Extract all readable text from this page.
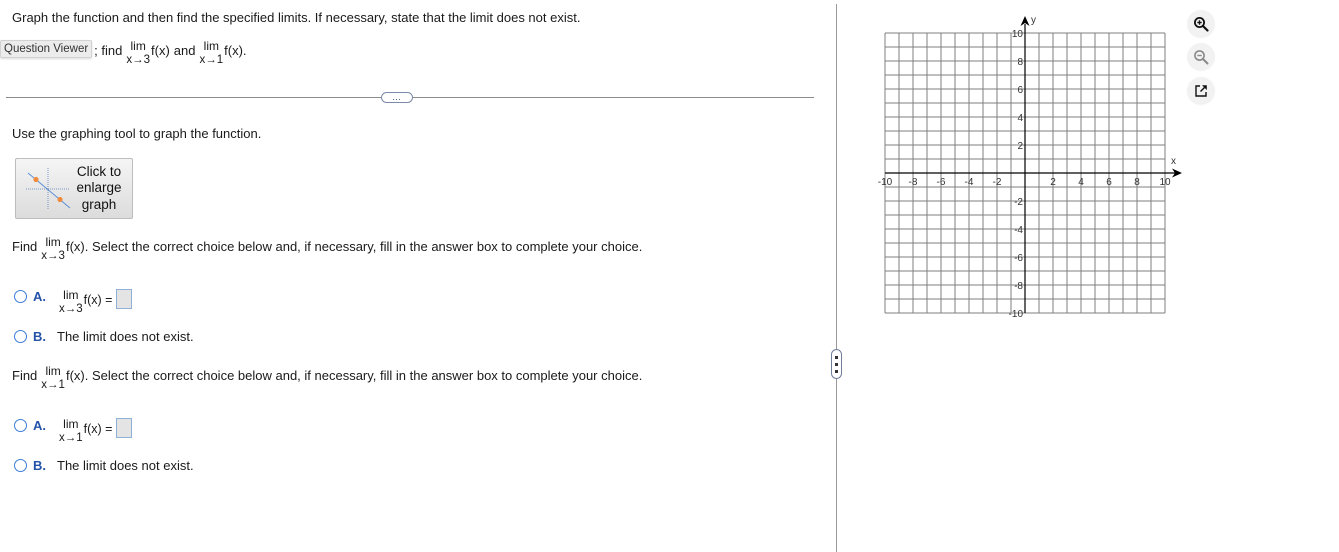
Graph the function and then find the specified limits. If necessary, state that the limit does not exist.
Question Viewer ; find lim
x→3
f(x) and lim
x→1
f(x).
…
Use the graphing tool to graph the function.
Click to
enlarge
graph
Find lim
x→3
f(x). Select the correct choice below and, if necessary, fill in the answer box to complete your choice.
A.	lim
x→3
f(x) =
B. The limit does not exist.
Find lim
x→1
f(x). Select the correct choice below and, if necessary, fill in the answer box to complete your choice.
A.	lim
x→1
f(x) =
B. The limit does not exist.
x
y
-10 -8 -6 -4 -2	2 4 6 8 10
10
8
6
4
2
-2
-4
-6
-8
-10
